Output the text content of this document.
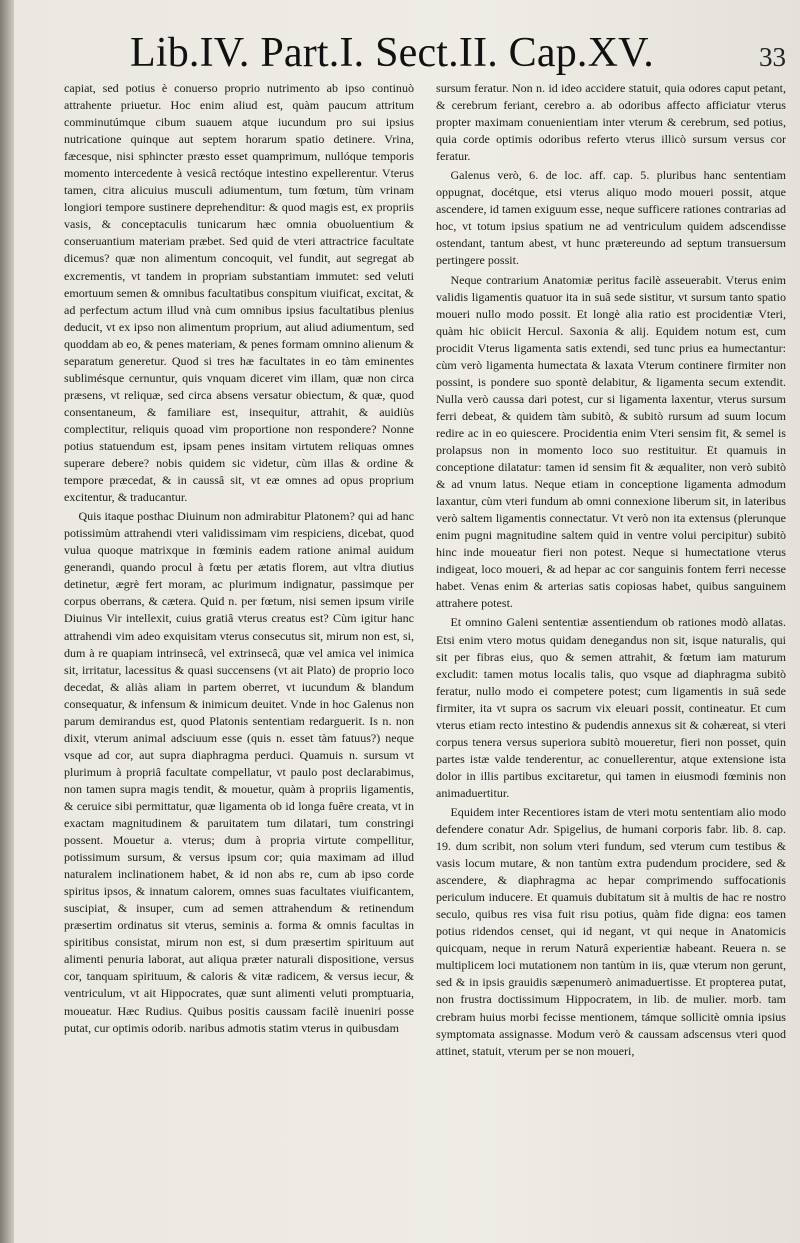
Lib.IV. Part.I. Sect.II. Cap.XV.	33

capiat, sed potius è conuerso proprio nutrimento ab ipso continuò attrahente priuetur. Hoc enim aliud est, quàm paucum attritum comminutúmque cibum suauem atque iucundum pro sui ipsius nutricatione quinque aut septem horarum spatio detinere. Vrina, fæcesque, nisi sphincter præsto esset quamprimum, nullóque temporis momento intercedente à vesicâ rectóque intestino expellerentur. Vterus tamen, citra alicuius musculi adiumentum, tum fœtum, tùm vrinam longiori tempore sustinere deprehenditur: & quod magis est, ex propriis vasis, & conceptaculis tunicarum hæc omnia obuoluentium & conseruantium materiam præbet. Sed quid de vteri attractrice facultate dicemus? quæ non alimentum concoquit, vel fundit, aut segregat ab excrementis, vt tandem in propriam substantiam immutet: sed veluti emortuum semen & omnibus facultatibus conspitum viuificat, excitat, & ad perfectum actum illud vnà cum omnibus ipsius facultatibus plenius deducit, vt ex ipso non alimentum proprium, aut aliud adiumentum, sed quoddam ab eo, & penes materiam, & penes formam omnino alienum & separatum generetur. Quod si tres hæ facultates in eo tàm eminentes sublimésque cernuntur, quis vnquam diceret vim illam, quæ non circa præsens, vt reliquæ, sed circa absens versatur obiectum, & quæ, quod consentaneum, & familiare est, insequitur, attrahit, & auidiùs complectitur, reliquis quoad vim proportione non respondere? Nonne potius statuendum est, ipsam penes insitam virtutem reliquas omnes superare debere? nobis quidem sic videtur, cùm illas & ordine & tempore præcedat, & in caussâ sit, vt eæ omnes ad opus proprium excitentur, & traducantur.

Quis itaque posthac Diuinum non admirabitur Platonem? qui ad hanc potissimùm attrahendi vteri validissimam vim respiciens, dicebat, quod vulua quoque matrixque in fœminis eadem ratione animal auidum generandi, quando procul à fœtu per ætatis florem, aut vltra diutius detinetur, ægrè fert moram, ac plurimum indignatur, passimque per corpus oberrans, & cætera. Quid n. per fœtum, nisi semen ipsum virile Diuinus Vir intellexit, cuius gratiâ vterus creatus est? Cùm igitur hanc attrahendi vim adeo exquisitam vterus consecutus sit, mirum non est, si, dum à re quapiam intrinsecâ, vel extrinsecâ, quæ vel amica vel inimica sit, irritatur, lacessitus & quasi succensens (vt ait Plato) de proprio loco decedat, & aliàs aliam in partem oberret, vt iucundum & blandum consequatur, & infensum & inimicum deuitet. Vnde in hoc Galenus non parum demirandus est, quod Platonis sententiam redarguerit. Is n. non dixit, vterum animal adsciuum esse (quis n. esset tàm fatuus?) neque vsque ad cor, aut supra diaphragma perduci. Quamuis n. sursum vt plurimum à propriâ facultate compellatur, vt paulo post declarabimus, non tamen supra magis tendit, & mouetur, quàm à propriis ligamentis, & ceruice sibi permittatur, quæ ligamenta ob id longa fuêre creata, vt in exactam magnitudinem & paruitatem tum dilatari, tum constringi possent. Mouetur a. vterus; dum à propria virtute compellitur, potissimum sursum, & versus ipsum cor; quia maximam ad illud naturalem inclinationem habet, & id non abs re, cum ab ipso corde spiritus ipsos, & innatum calorem, omnes suas facultates viuificantem, suscipiat, & insuper, cum ad semen attrahendum & retinendum præsertim ordinatus sit vterus, seminis a. forma & omnis facultas in spiritibus consistat, mirum non est, si dum præsertim spirituum aut alimenti penuria laborat, aut aliqua præter naturali dispositione, versus cor, tanquam spirituum, & caloris & vitæ radicem, & versus iecur, & ventriculum, vt ait Hippocrates, quæ sunt alimenti veluti promptuaria, moueatur. Hæc Rudius. Quibus positis caussam facilè inueniri posse putat, cur optimis odorib. naribus admotis statim vterus in quibusdam

sursum feratur. Non n. id ideo accidere statuit, quia odores caput petant, & cerebrum feriant, cerebro a. ab odoribus affecto afficiatur vterus propter maximam conuenientiam inter vterum & cerebrum, sed potius, quia corde optimis odoribus referto vterus illicò sursum versus cor feratur.

Galenus verò, 6. de loc. aff. cap. 5. pluribus hanc sententiam oppugnat, docétque, etsi vterus aliquo modo moueri possit, atque ascendere, id tamen exiguum esse, neque sufficere rationes contrarias ad hoc, vt totum ipsius spatium ne ad ventriculum quidem adscendisse ostendant, tantum abest, vt hunc prætereundo ad septum transuersum pertingere possit.

Neque contrarium Anatomiæ peritus facilè asseuerabit. Vterus enim validis ligamentis quatuor ita in suâ sede sistitur, vt sursum tanto spatio moueri nullo modo possit. Et longè alia ratio est procidentiæ Vteri, quàm hic obiicit Hercul. Saxonia & alij. Equidem notum est, cum procidit Vterus ligamenta satis extendi, sed tunc prius ea humectantur: cùm verò ligamenta humectata & laxata Vterum continere firmiter non possint, is pondere suo spontè delabitur, & ligamenta secum extendit. Nulla verò caussa dari potest, cur si ligamenta laxentur, vterus sursum ferri debeat, & quidem tàm subitò, & subitò rursum ad suum locum redire ac in eo quiescere. Procidentia enim Vteri sensim fit, & semel is prolapsus non in momento loco suo restituitur. Et quamuis in conceptione dilatatur: tamen id sensim fit & æqualiter, non verò subitò & ad vnum latus. Neque etiam in conceptione ligamenta admodum laxantur, cùm vteri fundum ab omni connexione liberum sit, in lateribus verò saltem ligamentis connectatur. Vt verò non ita extensus (plerunque enim pugni magnitudine saltem quid in ventre volui percipitur) subitò hinc inde moueatur fieri non potest. Neque si humectatione vterus indigeat, loco moueri, & ad hepar ac cor sanguinis fontem ferri necesse habet. Venas enim & arterias satis copiosas habet, quibus sanguinem attrahere potest.

Et omnino Galeni sententiæ assentiendum ob rationes modò allatas. Etsi enim vtero motus quidam denegandus non sit, isque naturalis, qui sit per fibras eius, quo & semen attrahit, & fœtum iam maturum excludit: tamen motus localis talis, quo vsque ad diaphragma subitò feratur, nullo modo ei competere potest; cum ligamentis in suâ sede firmiter, ita vt supra os sacrum vix eleuari possit, contineatur. Et cum vterus etiam recto intestino & pudendis annexus sit & cohæreat, si vteri corpus tenera versus superiora subitò moueretur, fieri non posset, quin partes istæ valde tenderentur, ac conuellerentur, atque extensione ista dolor in illis partibus excitaretur, qui tamen in eiusmodi fœminis non animaduertitur.

Equidem inter Recentiores istam de vteri motu sententiam alio modo defendere conatur Adr. Spigelius, de humani corporis fabr. lib. 8. cap. 19. dum scribit, non solum vteri fundum, sed vterum cum testibus & vasis locum mutare, & non tantùm extra pudendum procidere, sed & ascendere, & diaphragma ac hepar comprimendo suffocationis periculum inducere. Et quamuis dubitatum sit à multis de hac re nostro seculo, quibus res visa fuit risu potius, quàm fide digna: eos tamen potius ridendos censet, qui id negant, vt qui neque in Anatomicis quicquam, neque in rerum Naturâ experientiæ habeant. Reuera n. se multiplicem loci mutationem non tantùm in iis, quæ vterum non gerunt, sed & in ipsis grauidis sæpenumerò animaduertisse. Et propterea putat, non frustra doctissimum Hippocratem, in lib. de mulier. morb. tam crebram huius morbi fecisse mentionem, támque sollicitè omnia ipsius symptomata assignasse. Modum verò & caussam adscensus vteri quod attinet, statuit, vterum per se non moueri,
